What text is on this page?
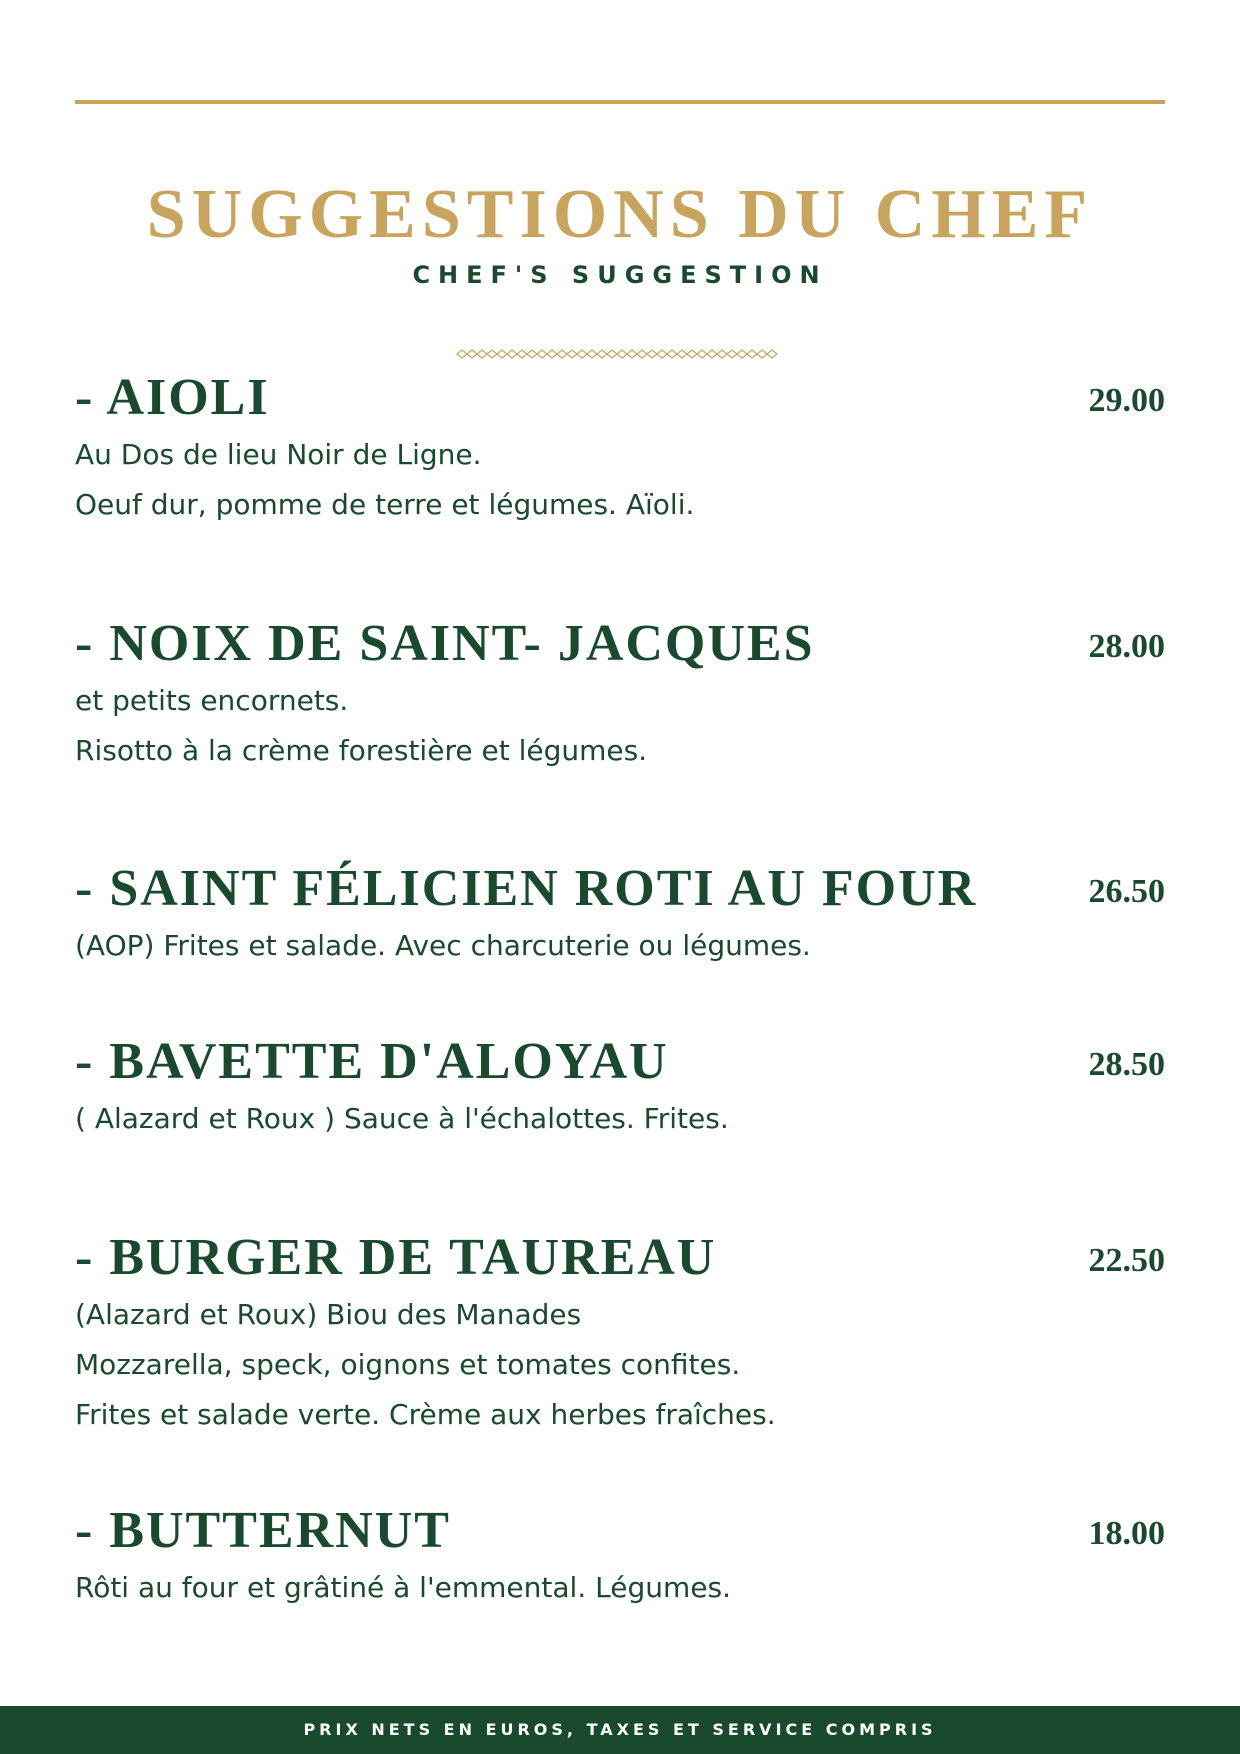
SUGGESTIONS DU CHEF
CHEF'S SUGGESTION
- AIOLI	29.00
Au Dos de lieu Noir de Ligne.
Oeuf dur, pomme de terre et légumes. Aïoli.
- NOIX DE SAINT- JACQUES	28.00
et petits encornets.
Risotto à la crème forestière et légumes.
- SAINT FÉLICIEN ROTI AU FOUR	26.50
(AOP) Frites et salade. Avec charcuterie ou légumes.
- BAVETTE D'ALOYAU	28.50
( Alazard et Roux ) Sauce à l'échalottes. Frites.
- BURGER DE TAUREAU	22.50
(Alazard et Roux) Biou des Manades
Mozzarella, speck, oignons et tomates confites.
Frites et salade verte. Crème aux herbes fraîches.
- BUTTERNUT	18.00
Rôti au four et grâtiné à l'emmental. Légumes.
PRIX NETS EN EUROS, TAXES ET SERVICE COMPRIS
